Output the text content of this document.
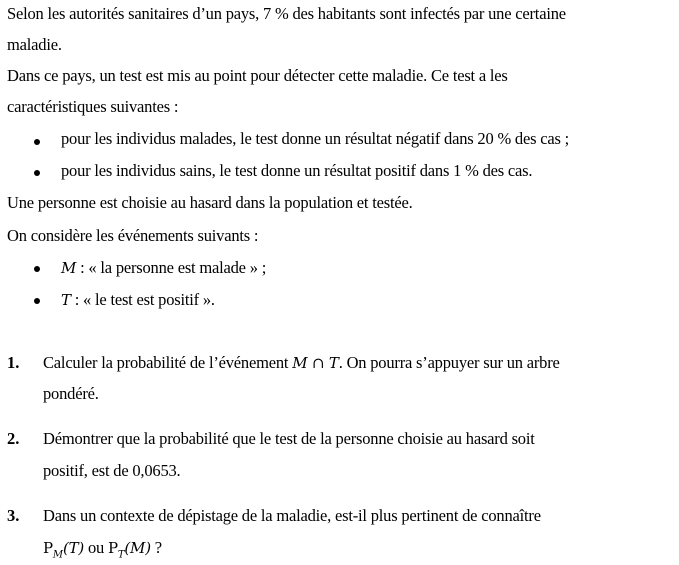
Selon les autorités sanitaires d’un pays, 7 % des habitants sont infectés par une certaine
maladie.
Dans ce pays, un test est mis au point pour détecter cette maladie. Ce test a les
caractéristiques suivantes :
pour les individus malades, le test donne un résultat négatif dans 20 % des cas ;
pour les individus sains, le test donne un résultat positif dans 1 % des cas.
Une personne est choisie au hasard dans la population et testée.
On considère les événements suivants :
M : « la personne est malade » ;
T : « le test est positif ».
1. Calculer la probabilité de l’événement M ∩ T. On pourra s’appuyer sur un arbre
pondéré.
2. Démontrer que la probabilité que le test de la personne choisie au hasard soit
positif, est de 0,0653.
3. Dans un contexte de dépistage de la maladie, est-il plus pertinent de connaître
$P_M(T)$ ou $P_T(M)$ ?
